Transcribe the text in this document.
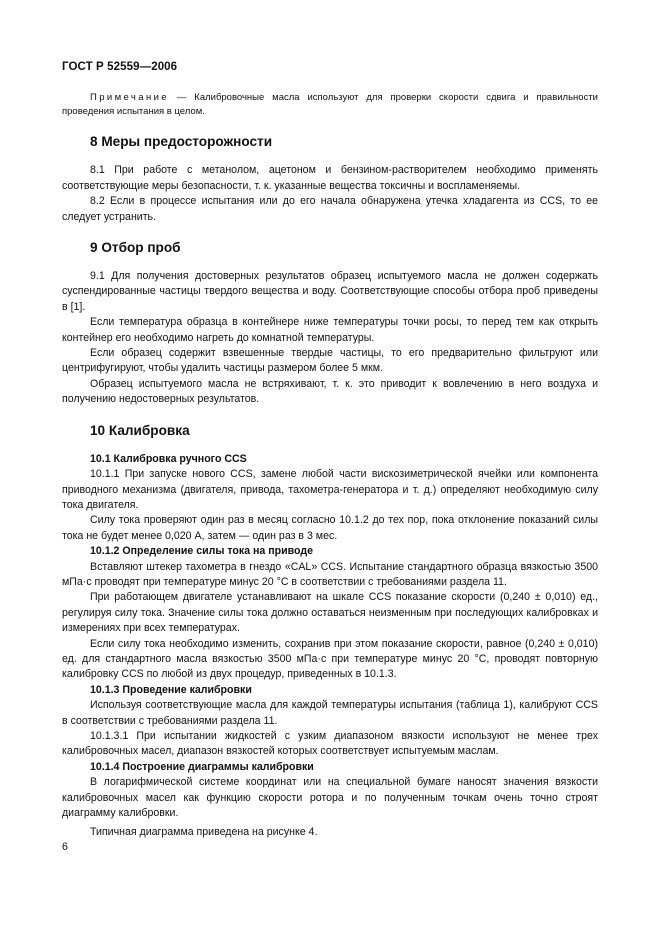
ГОСТ Р 52559—2006

Примечание — Калибровочные масла используют для проверки скорости сдвига и правильности проведения испытания в целом.

8 Меры предосторожности

8.1 При работе с метанолом, ацетоном и бензином-растворителем необходимо применять соответствующие меры безопасности, т. к. указанные вещества токсичны и воспламеняемы.

8.2 Если в процессе испытания или до его начала обнаружена утечка хладагента из CCS, то ее следует устранить.

9 Отбор проб

9.1 Для получения достоверных результатов образец испытуемого масла не должен содержать суспендированные частицы твердого вещества и воду. Соответствующие способы отбора проб приведены в [1].

Если температура образца в контейнере ниже температуры точки росы, то перед тем как открыть контейнер его необходимо нагреть до комнатной температуры.

Если образец содержит взвешенные твердые частицы, то его предварительно фильтруют или центрифугируют, чтобы удалить частицы размером более 5 мкм.

Образец испытуемого масла не встряхивают, т. к. это приводит к вовлечению в него воздуха и получению недостоверных результатов.

10 Калибровка
10.1 Калибровка ручного CCS

10.1.1 При запуске нового CCS, замене любой части вискозиметрической ячейки или компонента приводного механизма (двигателя, привода, тахометра-генератора и т. д.) определяют необходимую силу тока двигателя.

Силу тока проверяют один раз в месяц согласно 10.1.2 до тех пор, пока отклонение показаний силы тока не будет менее 0,020 А, затем — один раз в 3 мес.

10.1.2 Определение силы тока на приводе

Вставляют штекер тахометра в гнездо «CAL» CCS. Испытание стандартного образца вязкостью 3500 мПа·с проводят при температуре минус 20 °С в соответствии с требованиями раздела 11.

При работающем двигателе устанавливают на шкале CCS показание скорости (0,240 ± 0,010) ед., регулируя силу тока. Значение силы тока должно оставаться неизменным при последующих калибровках и измерениях при всех температурах.

Если силу тока необходимо изменить, сохранив при этом показание скорости, равное (0,240 ± 0,010) ед. для стандартного масла вязкостью 3500 мПа·с при температуре минус 20 °С, проводят повторную калибровку CCS по любой из двух процедур, приведенных в 10.1.3.

10.1.3 Проведение калибровки

Используя соответствующие масла для каждой температуры испытания (таблица 1), калибруют CCS в соответствии с требованиями раздела 11.

10.1.3.1 При испытании жидкостей с узким диапазоном вязкости используют не менее трех калибровочных масел, диапазон вязкостей которых соответствует испытуемым маслам.

10.1.4 Построение диаграммы калибровки

В логарифмической системе координат или на специальной бумаге наносят значения вязкости калибровочных масел как функцию скорости ротора и по полученным точкам очень точно строят диаграмму калибровки.

Типичная диаграмма приведена на рисунке 4.

6
